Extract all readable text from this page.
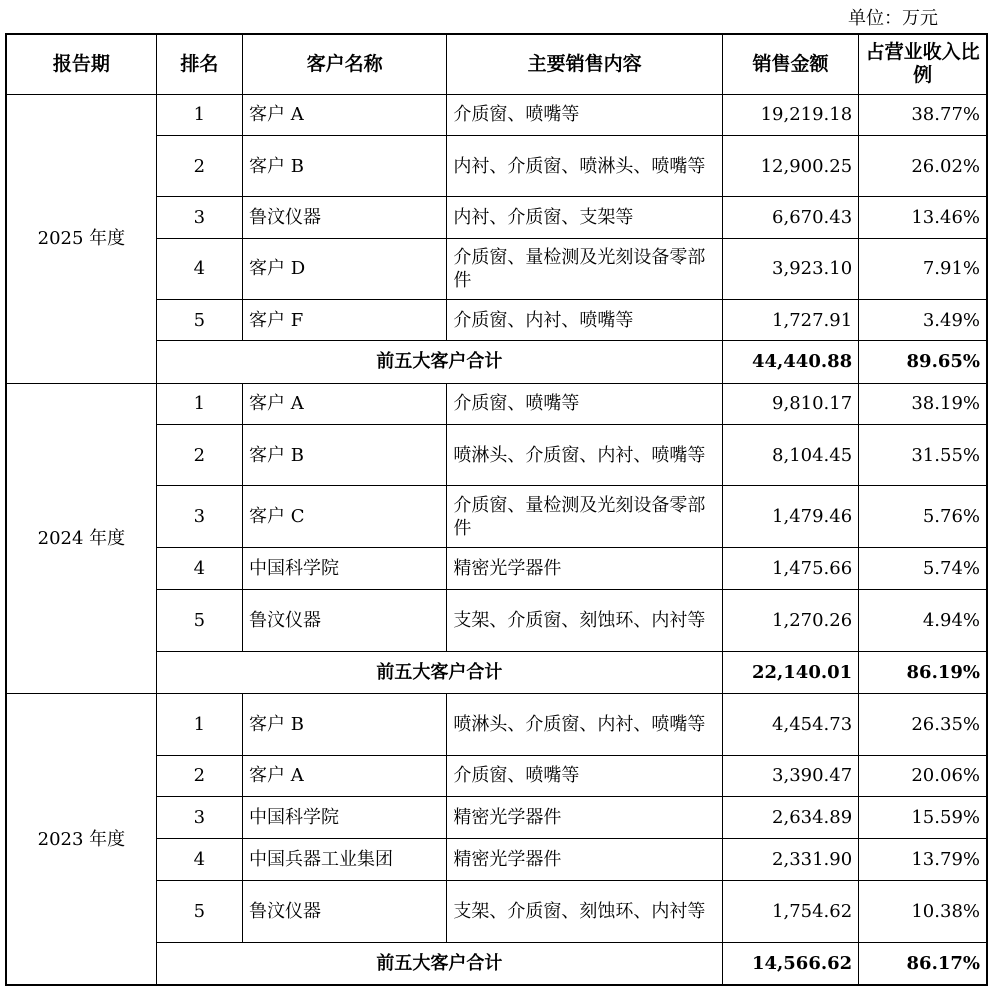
单位：万元
报告期	排名	客户名称	主要销售内容	销售金额	占营业收入比例
2025 年度	1	客户 A	介质窗、喷嘴等	19,219.18	38.77%
	2	客户 B	内衬、介质窗、喷淋头、喷嘴等	12,900.25	26.02%
	3	鲁汶仪器	内衬、介质窗、支架等	6,670.43	13.46%
	4	客户 D	介质窗、量检测及光刻设备零部件	3,923.10	7.91%
	5	客户 F	介质窗、内衬、喷嘴等	1,727.91	3.49%
	前五大客户合计			44,440.88	89.65%
2024 年度	1	客户 A	介质窗、喷嘴等	9,810.17	38.19%
	2	客户 B	喷淋头、介质窗、内衬、喷嘴等	8,104.45	31.55%
	3	客户 C	介质窗、量检测及光刻设备零部件	1,479.46	5.76%
	4	中国科学院	精密光学器件	1,475.66	5.74%
	5	鲁汶仪器	支架、介质窗、刻蚀环、内衬等	1,270.26	4.94%
	前五大客户合计			22,140.01	86.19%
2023 年度	1	客户 B	喷淋头、介质窗、内衬、喷嘴等	4,454.73	26.35%
	2	客户 A	介质窗、喷嘴等	3,390.47	20.06%
	3	中国科学院	精密光学器件	2,634.89	15.59%
	4	中国兵器工业集团	精密光学器件	2,331.90	13.79%
	5	鲁汶仪器	支架、介质窗、刻蚀环、内衬等	1,754.62	10.38%
	前五大客户合计			14,566.62	86.17%
